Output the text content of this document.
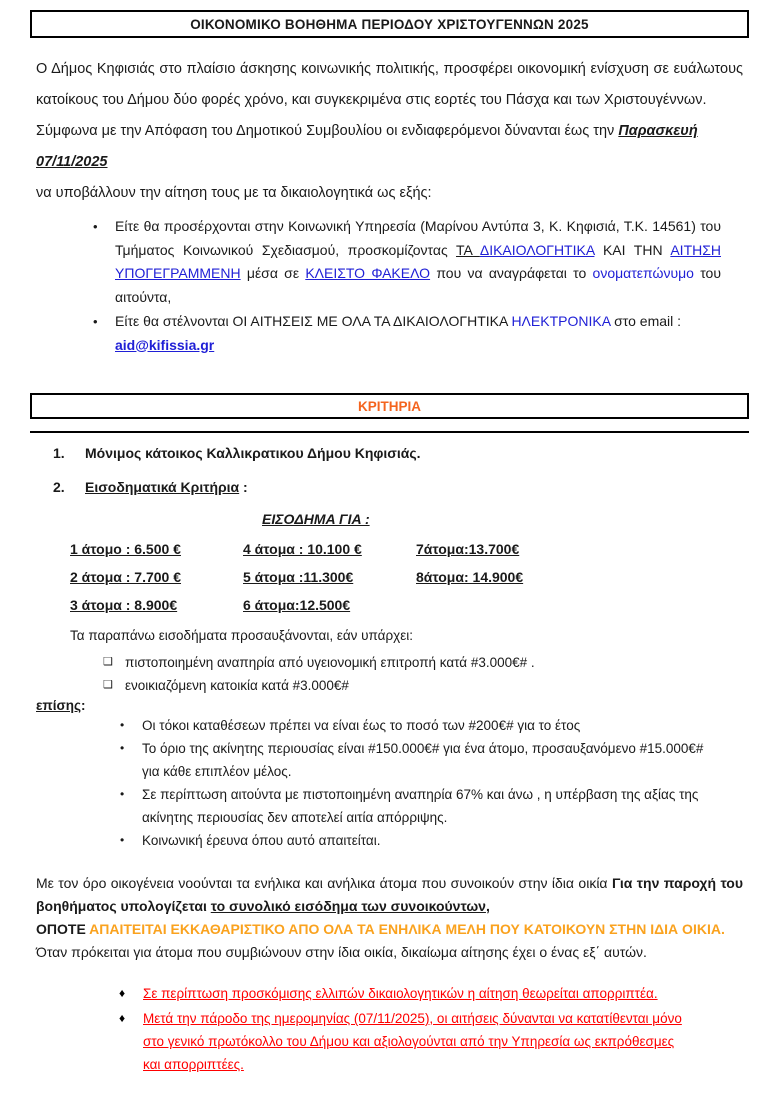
ΟΙΚΟΝΟΜΙΚΟ ΒΟΗΘΗΜΑ ΠΕΡΙΟΔΟΥ ΧΡΙΣΤΟΥΓΕΝΝΩΝ 2025

Ο Δήμος Κηφισιάς στο πλαίσιο άσκησης κοινωνικής πολιτικής, προσφέρει οικονομική ενίσχυση σε ευάλωτους κατοίκους του Δήμου δύο φορές χρόνο, και συγκεκριμένα στις εορτές του Πάσχα και των Χριστουγέννων.

Σύμφωνα με την Απόφαση του Δημοτικού Συμβουλίου οι ενδιαφερόμενοι δύνανται έως την Παρασκευή 07/11/2025

να υποβάλλουν την αίτηση τους με τα δικαιολογητικά ως εξής:

• Είτε θα προσέρχονται στην Κοινωνική Υπηρεσία (Μαρίνου Αντύπα 3, Κ. Κηφισιά, Τ.Κ. 14561) του Τμήματος Κοινωνικού Σχεδιασμού, προσκομίζοντας ΤΑ ΔΙΚΑΙΟΛΟΓΗΤΙΚΑ ΚΑΙ ΤΗΝ ΑΙΤΗΣΗ ΥΠΟΓΕΓΡΑΜΜΕΝΗ μέσα σε ΚΛΕΙΣΤΟ ΦΑΚΕΛΟ που να αναγράφεται το ονοματεπώνυμο του αιτούντα,
• Είτε θα στέλνονται ΟΙ ΑΙΤΗΣΕΙΣ ΜΕ ΟΛΑ ΤΑ ΔΙΚΑΙΟΛΟΓΗΤΙΚΑ ΗΛΕΚΤΡΟΝΙΚΑ στο email : aid@kifissia.gr
ΚΡΙΤΗΡΙΑ
1. Μόνιμος κάτοικος Καλλικρατικου Δήμου Κηφισιάς.
2. Εισοδηματικά Κριτήρια :
ΕΙΣΟΔΗΜΑ ΓΙΑ :
1 άτομο : 6.500 €	4 άτομα : 10.100 €	7άτομα:13.700€
2 άτομα : 7.700 €	5 άτομα :11.300€	8άτομα: 14.900€
3 άτομα : 8.900€	6 άτομα:12.500€

Τα παραπάνω εισοδήματα προσαυξάνονται, εάν υπάρχει:

❑ πιστοποιημένη αναπηρία από υγειονομική επιτροπή κατά #3.000€# .
❑ ενοικιαζόμενη κατοικία κατά #3.000€#
επίσης:
• Οι τόκοι καταθέσεων πρέπει να είναι έως το ποσό των #200€# για το έτος
• Το όριο της ακίνητης περιουσίας είναι #150.000€# για ένα άτομο, προσαυξανόμενο #15.000€# για κάθε επιπλέον μέλος.
• Σε περίπτωση αιτούντα με πιστοποιημένη αναπηρία 67% και άνω , η υπέρβαση της αξίας της ακίνητης περιουσίας δεν αποτελεί αιτία απόρριψης.
• Κοινωνική έρευνα όπου αυτό απαιτείται.

Με τον όρο οικογένεια νοούνται τα ενήλικα και ανήλικα άτομα που συνοικούν στην ίδια οικία Για την παροχή του βοηθήματος υπολογίζεται το συνολικό εισόδημα των συνοικούντων,
ΟΠΟΤΕ ΑΠΑΙΤΕΙΤΑΙ ΕΚΚΑΘΑΡΙΣΤΙΚΟ ΑΠΟ ΟΛΑ ΤΑ ΕΝΗΛΙΚΑ ΜΕΛΗ ΠΟΥ ΚΑΤΟΙΚΟΥΝ ΣΤΗΝ ΙΔΙΑ ΟΙΚΙΑ.
Όταν πρόκειται για άτομα που συμβιώνουν στην ίδια οικία, δικαίωμα αίτησης έχει ο ένας εξ΄ αυτών.

♦ Σε περίπτωση προσκόμισης ελλιπών δικαιολογητικών η αίτηση θεωρείται απορριπτέα.
♦ Μετά την πάροδο της ημερομηνίας (07/11/2025), οι αιτήσεις δύνανται να κατατίθενται μόνο στο γενικό πρωτόκολλο του Δήμου και αξιολογούνται από την Υπηρεσία ως εκπρόθεσμες και απορριπτέες.
